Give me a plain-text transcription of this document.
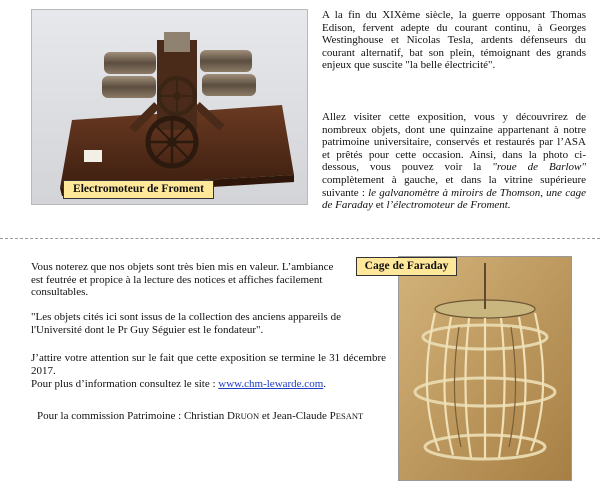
Electromoteur de Froment

A la fin du XIXème siècle, la guerre opposant Thomas Edison, fervent adepte du courant continu, à Georges Westinghouse et Nicolas Tesla, ardents défenseurs du courant alternatif, bat son plein, témoignant des grands enjeux que suscite "la belle électricité".

Allez visiter cette exposition, vous y découvrirez de nombreux objets, dont une quinzaine appartenant à notre patrimoine universitaire, conservés et restaurés par l’ASA et prêtés pour cette occasion. Ainsi, dans la photo ci-dessous, vous pouvez voir la "roue de Barlow" complètement à gauche, et dans la vitrine supérieure suivante : le galvanomètre à miroirs de Thomson, une cage de Faraday et l’électromoteur de Froment.

Vous noterez que nos objets sont très bien mis en valeur. L’ambiance est feutrée et propice à la lecture des notices et affiches facilement consultables.

"Les objets cités ici sont issus de la collection des anciens appareils de l'Université dont le Pr Guy Séguier est le fondateur".

J’attire votre attention sur le fait que cette exposition se termine le 31 décembre 2017.

Pour plus d’information consultez le site : www.chm-lewarde.com.

Pour la commission Patrimoine : Christian DRUON et Jean-Claude PESANT

Cage de Faraday
